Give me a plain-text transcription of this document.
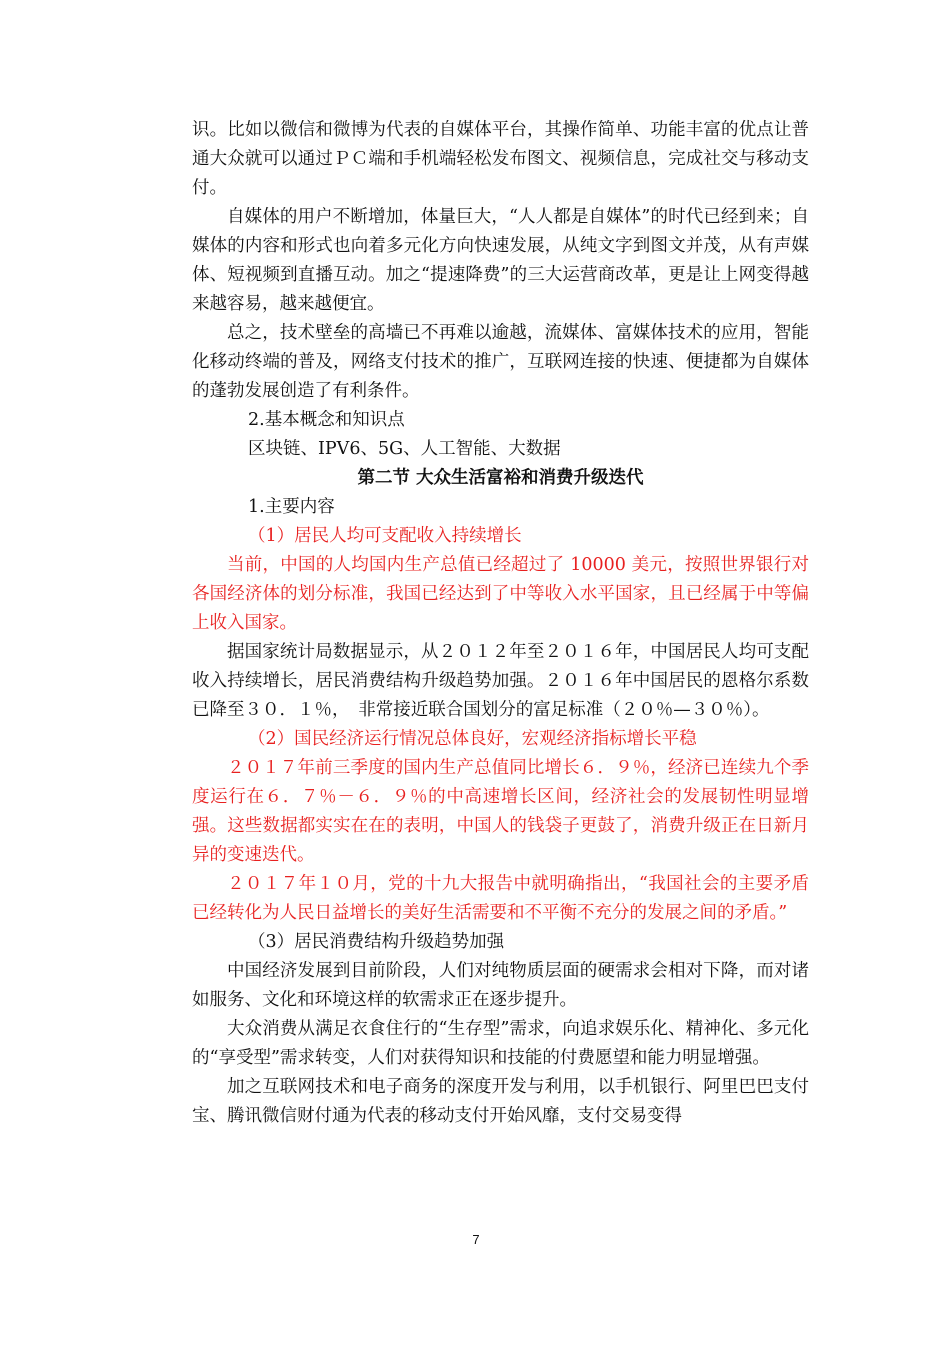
识。比如以微信和微博为代表的自媒体平台，其操作简单、功能丰富的优点让普通大众就可以通过ＰＣ端和手机端轻松发布图文、视频信息，完成社交与移动支付。

自媒体的用户不断增加，体量巨大，“人人都是自媒体”的时代已经到来；自媒体的内容和形式也向着多元化方向快速发展，从纯文字到图文并茂，从有声媒体、短视频到直播互动。加之“提速降费”的三大运营商改革，更是让上网变得越来越容易，越来越便宜。

总之，技术壁垒的高墙已不再难以逾越，流媒体、富媒体技术的应用，智能化移动终端的普及，网络支付技术的推广，互联网连接的快速、便捷都为自媒体的蓬勃发展创造了有利条件。

2.基本概念和知识点

区块链、IPV6、5G、人工智能、大数据

第二节 大众生活富裕和消费升级迭代

1.主要内容

（1）居民人均可支配收入持续增长

当前，中国的人均国内生产总值已经超过了 10000 美元，按照世界银行对各国经济体的划分标准，我国已经达到了中等收入水平国家，且已经属于中等偏上收入国家。

据国家统计局数据显示，从２０１２年至２０１６年，中国居民人均可支配收入持续增长，居民消费结构升级趋势加强。２０１６年中国居民的恩格尔系数已降至３０．１％，　非常接近联合国划分的富足标准（２０％—３０％）。

（2）国民经济运行情况总体良好，宏观经济指标增长平稳

２０１７年前三季度的国内生产总值同比增长６．９％，经济已连续九个季度运行在６．７％－６．９％的中高速增长区间，经济社会的发展韧性明显增强。这些数据都实实在在的表明，中国人的钱袋子更鼓了，消费升级正在日新月异的变速迭代。

２０１７年１０月，党的十九大报告中就明确指出，“我国社会的主要矛盾已经转化为人民日益增长的美好生活需要和不平衡不充分的发展之间的矛盾。”

（3）居民消费结构升级趋势加强

中国经济发展到目前阶段，人们对纯物质层面的硬需求会相对下降，而对诸如服务、文化和环境这样的软需求正在逐步提升。

大众消费从满足衣食住行的“生存型”需求，向追求娱乐化、精神化、多元化的“享受型”需求转变，人们对获得知识和技能的付费愿望和能力明显增强。

加之互联网技术和电子商务的深度开发与利用，以手机银行、阿里巴巴支付宝、腾讯微信财付通为代表的移动支付开始风靡，支付交易变得

7
